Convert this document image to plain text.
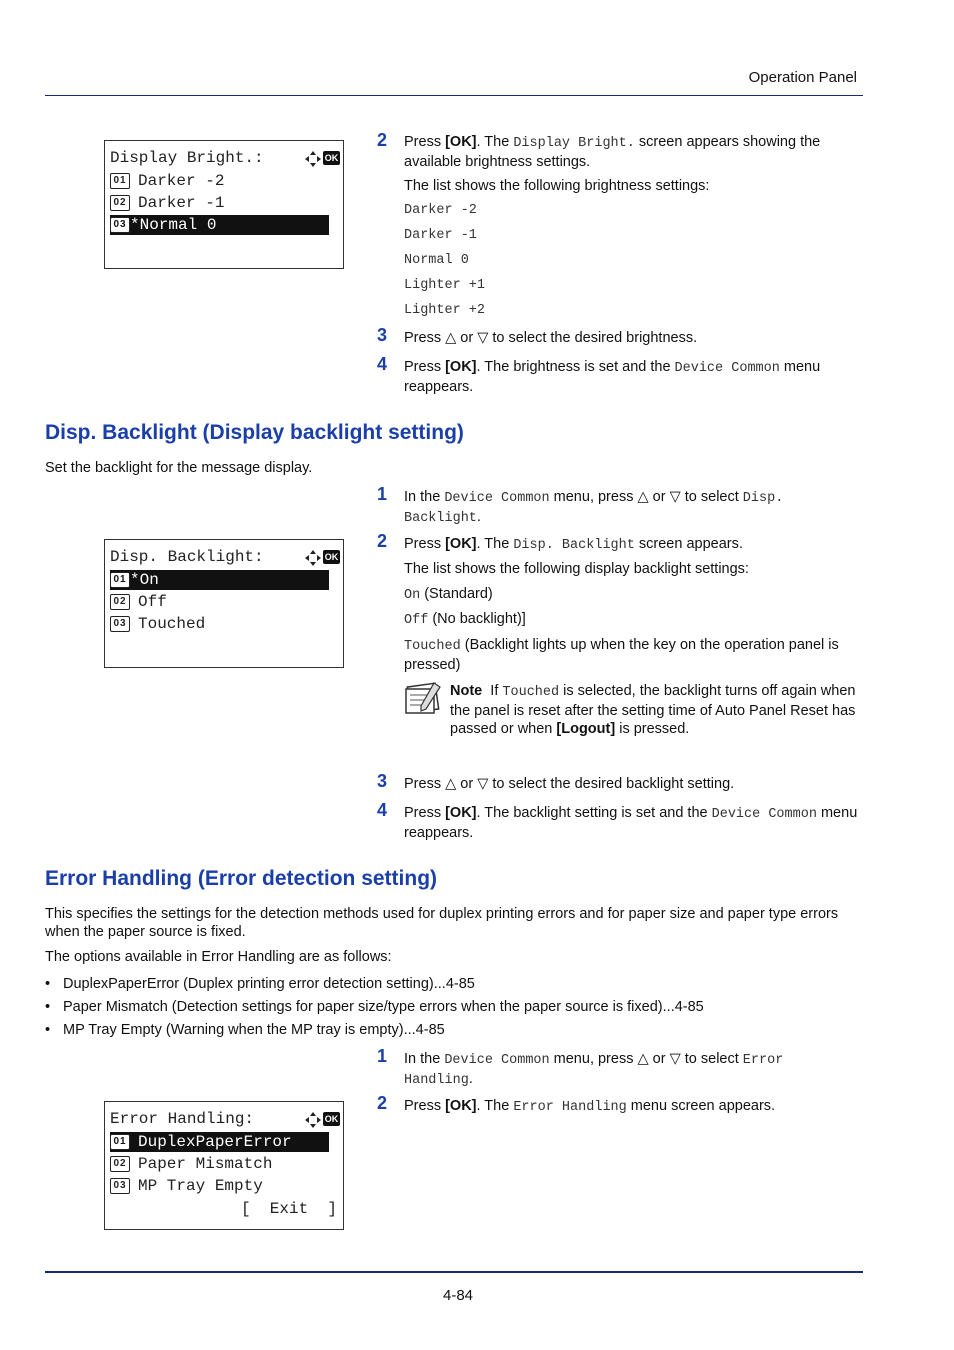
Operation Panel
Display Bright.:	OK
01 Darker -2
02 Darker -1
03 *Normal 0
2 Press [OK]. The Display Bright. screen appears showing the available brightness settings.
The list shows the following brightness settings:
Darker -2
Darker -1
Normal 0
Lighter +1
Lighter +2
3 Press △ or ▽ to select the desired brightness.
4 Press [OK]. The brightness is set and the Device Common menu reappears.
Disp. Backlight (Display backlight setting)
Set the backlight for the message display.
Disp. Backlight:	OK
01 *On
02 Off
03 Touched
1 In the Device Common menu, press △ or ▽ to select Disp. Backlight.
2 Press [OK]. The Disp. Backlight screen appears.
The list shows the following display backlight settings:
On (Standard)
Off (No backlight)]
Touched (Backlight lights up when the key on the operation panel is pressed)
Note  If Touched is selected, the backlight turns off again when the panel is reset after the setting time of Auto Panel Reset has passed or when [Logout] is pressed.
3 Press △ or ▽ to select the desired backlight setting.
4 Press [OK]. The backlight setting is set and the Device Common menu reappears.
Error Handling (Error detection setting)
This specifies the settings for the detection methods used for duplex printing errors and for paper size and paper type errors when the paper source is fixed.
The options available in Error Handling are as follows:
• DuplexPaperError (Duplex printing error detection setting)...4-85
• Paper Mismatch (Detection settings for paper size/type errors when the paper source is fixed)...4-85
• MP Tray Empty (Warning when the MP tray is empty)...4-85
Error Handling:	OK
01 DuplexPaperError
02 Paper Mismatch
03 MP Tray Empty
[  Exit  ]
1 In the Device Common menu, press △ or ▽ to select Error Handling.
2 Press [OK]. The Error Handling menu screen appears.
4-84
